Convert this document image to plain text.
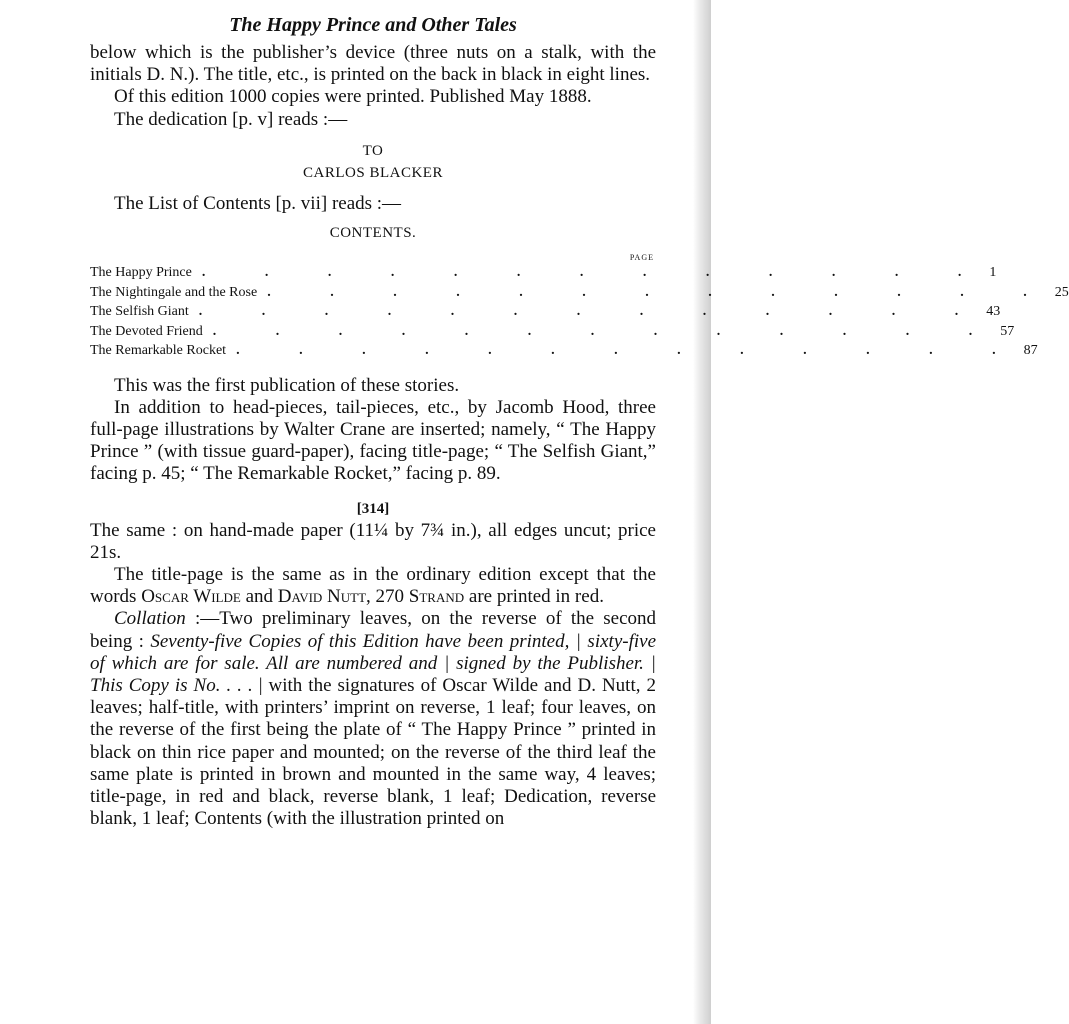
The Happy Prince and Other Tales

below which is the publisher’s device (three nuts on a stalk, with the initials D. N.). The title, etc., is printed on the back in black in eight lines.

Of this edition 1000 copies were printed. Published May 1888.

The dedication [p. v] reads :—

TO
CARLOS BLACKER

The List of Contents [p. vii] reads :—

CONTENTS.
PAGE
The Happy Prince . . . . . . . . . . . . . 1
The Nightingale and the Rose . . . . . . . . . . . . . 25
The Selfish Giant . . . . . . . . . . . . . 43
The Devoted Friend . . . . . . . . . . . . . 57
The Remarkable Rocket . . . . . . . . . . . . . 87

This was the first publication of these stories.

In addition to head-pieces, tail-pieces, etc., by Jacomb Hood, three full-page illustrations by Walter Crane are inserted; namely, “ The Happy Prince ” (with tissue guard-paper), facing title-page; “ The Selfish Giant,” facing p. 45; “ The Remarkable Rocket,” facing p. 89.

[314]

The same : on hand-made paper (11¼ by 7¾ in.), all edges uncut; price 21s.

The title-page is the same as in the ordinary edition except that the words Oscar Wilde and David Nutt, 270 Strand are printed in red.

Collation :—Two preliminary leaves, on the reverse of the second being : Seventy-five Copies of this Edition have been printed, | sixty-five of which are for sale. All are numbered and | signed by the Publisher. | This Copy is No. . . . | with the signatures of Oscar Wilde and D. Nutt, 2 leaves; half-title, with printers’ imprint on reverse, 1 leaf; four leaves, on the reverse of the first being the plate of “ The Happy Prince ” printed in black on thin rice paper and mounted; on the reverse of the third leaf the same plate is printed in brown and mounted in the same way, 4 leaves; title-page, in red and black, reverse blank, 1 leaf; Dedication, reverse blank, 1 leaf; Contents (with the illustration printed on
